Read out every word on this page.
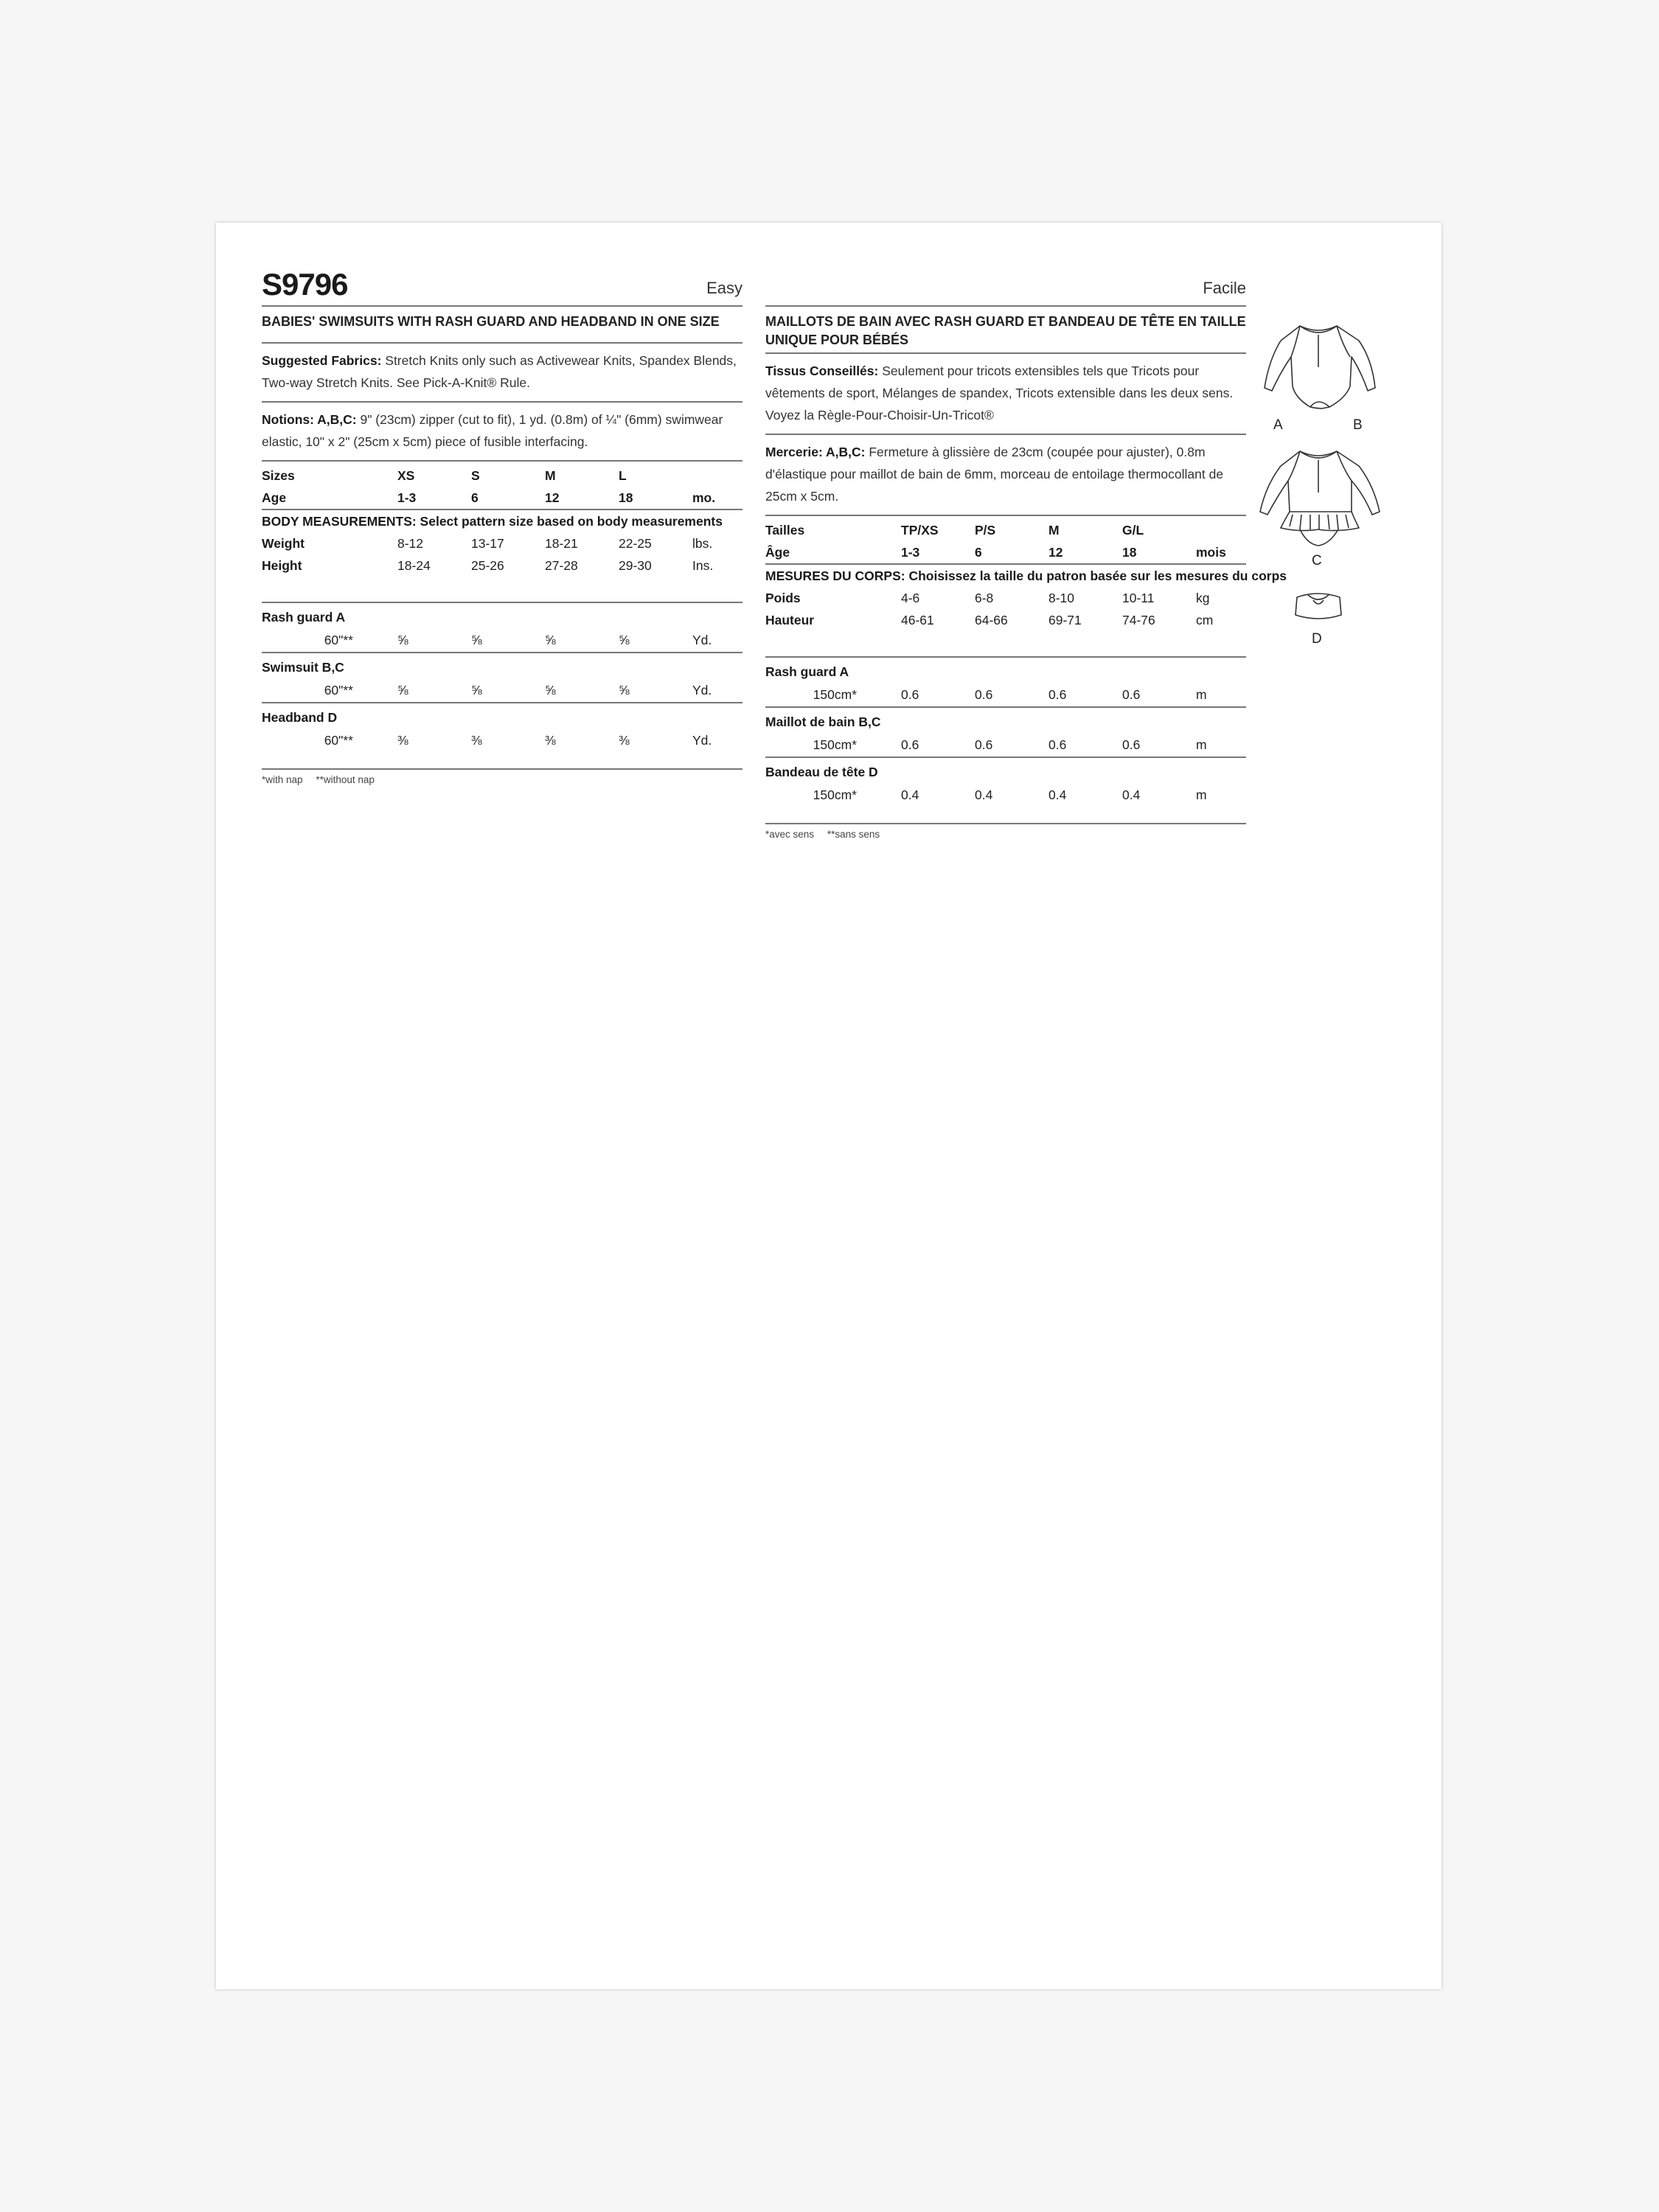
S9796	Easy
BABIES' SWIMSUITS WITH RASH GUARD AND HEADBAND IN ONE SIZE
Suggested Fabrics: Stretch Knits only such as Activewear Knits, Spandex Blends, Two-way Stretch Knits. See Pick-A-Knit® Rule.
Notions: A,B,C: 9" (23cm) zipper (cut to fit), 1 yd. (0.8m) of ¼" (6mm) swimwear elastic, 10" x 2" (25cm x 5cm) piece of fusible interfacing.
Sizes	XS	S	M	L
Age	1-3	6	12	18	mo.
BODY MEASUREMENTS: Select pattern size based on body measurements
Weight	8-12	13-17	18-21	22-25	lbs.
Height	18-24	25-26	27-28	29-30	Ins.
Rash guard A
60"**	⅝	⅝	⅝	⅝	Yd.
Swimsuit B,C
60"**	⅝	⅝	⅝	⅝	Yd.
Headband D
60"**	⅜	⅜	⅜	⅜	Yd.
*with nap **without nap
Facile
MAILLOTS DE BAIN AVEC RASH GUARD ET BANDEAU DE TÊTE EN TAILLE UNIQUE POUR BÉBÉS
Tissus Conseillés: Seulement pour tricots extensibles tels que Tricots pour vêtements de sport, Mélanges de spandex, Tricots extensible dans les deux sens. Voyez la Règle-Pour-Choisir-Un-Tricot®
Mercerie: A,B,C: Fermeture à glissière de 23cm (coupée pour ajuster), 0.8m d'élastique pour maillot de bain de 6mm, morceau de entoilage thermocollant de 25cm x 5cm.
Tailles	TP/XS	P/S	M	G/L
Âge	1-3	6	12	18	mois
MESURES DU CORPS: Choisissez la taille du patron basée sur les mesures du corps
Poids	4-6	6-8	8-10	10-11	kg
Hauteur	46-61	64-66	69-71	74-76	cm
Rash guard A
150cm*	0.6	0.6	0.6	0.6	m
Maillot de bain B,C
150cm*	0.6	0.6	0.6	0.6	m
Bandeau de tête D
150cm*	0.4	0.4	0.4	0.4	m
*avec sens **sans sens
A	B
C
D
